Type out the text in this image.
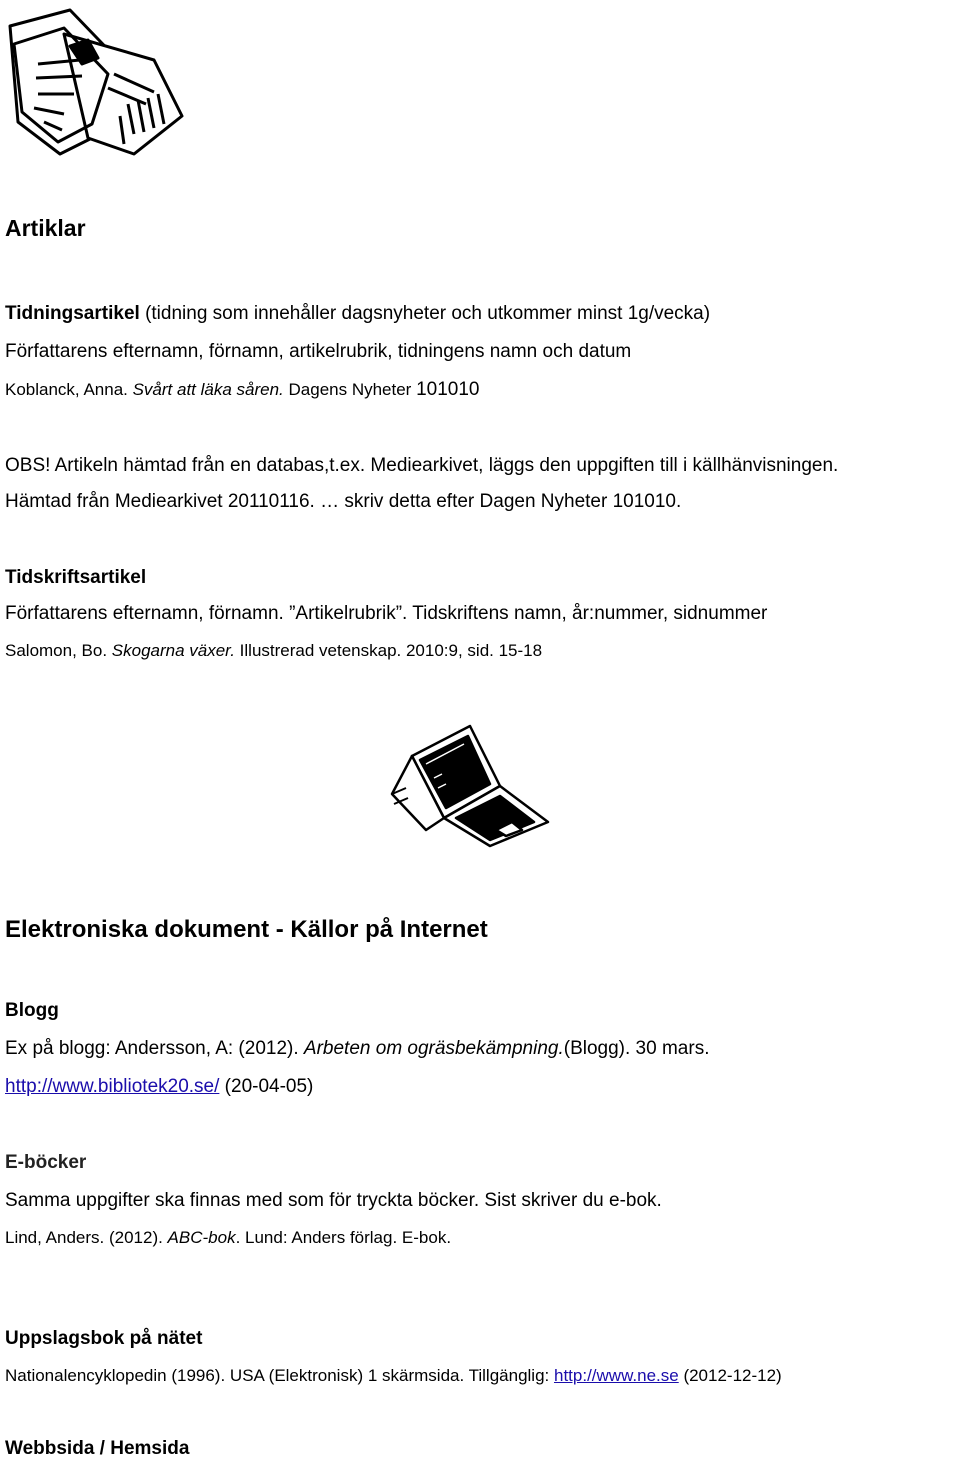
Artiklar
Tidningsartikel (tidning som innehåller dagsnyheter och utkommer minst 1g/vecka)
Författarens efternamn, förnamn, artikelrubrik, tidningens namn och datum
Koblanck, Anna. Svårt att läka såren. Dagens Nyheter 101010
OBS! Artikeln hämtad från en databas,t.ex. Mediearkivet, läggs den uppgiften till i källhänvisningen.
Hämtad från Mediearkivet 20110116. … skriv detta efter Dagen Nyheter 101010.
Tidskriftsartikel
Författarens efternamn, förnamn. ”Artikelrubrik”. Tidskriftens namn, år:nummer, sidnummer
Salomon, Bo. Skogarna växer. Illustrerad vetenskap. 2010:9, sid. 15-18
Elektroniska dokument - Källor på Internet
Blogg
Ex på blogg: Andersson, A: (2012). Arbeten om ogräsbekämpning.(Blogg). 30 mars.
http://www.bibliotek20.se/ (20-04-05)
E-böcker
Samma uppgifter ska finnas med som för tryckta böcker. Sist skriver du e-bok.
Lind, Anders. (2012). ABC-bok. Lund: Anders förlag. E-bok.
Uppslagsbok på nätet
Nationalencyklopedin (1996). USA (Elektronisk) 1 skärmsida. Tillgänglig: http://www.ne.se (2012-12-12)
Webbsida / Hemsida
